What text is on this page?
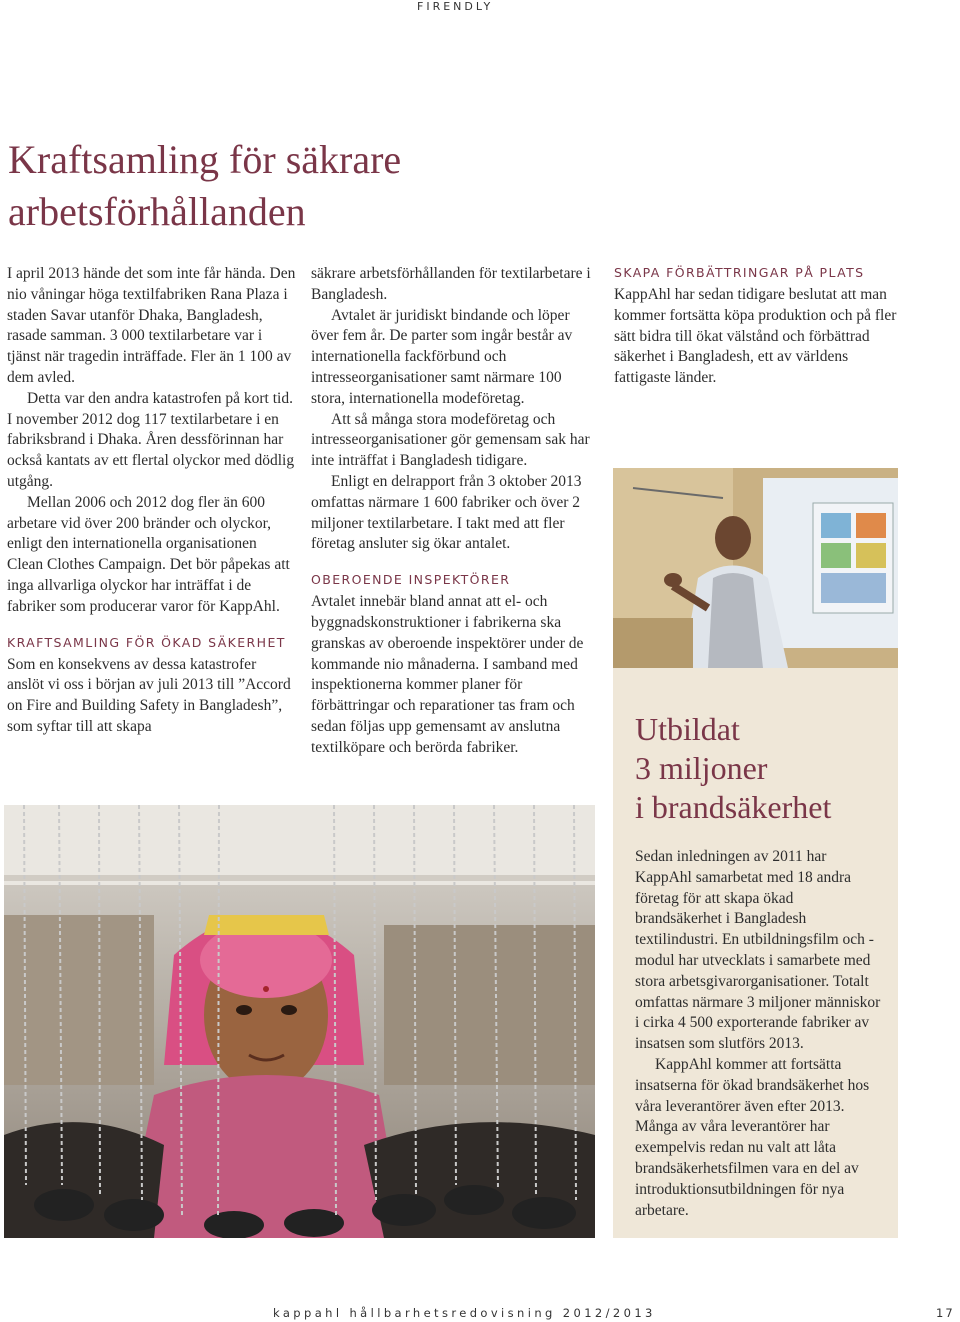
FIRENDLY
Kraftsamling för säkrare
arbetsförhållanden

I april 2013 hände det som inte får hända. Den nio våningar höga textilfabriken Rana Plaza i staden Savar utanför Dhaka, Bangladesh, rasade samman. 3 000 textilarbetare var i tjänst när tragedin inträffade. Fler än 1 100 av dem avled.

Detta var den andra katastrofen på kort tid. I november 2012 dog 117 textilarbetare i en fabriksbrand i Dhaka. Åren dessförinnan har också kantats av ett flertal olyckor med dödlig utgång.

Mellan 2006 och 2012 dog fler än 600 arbetare vid över 200 bränder och olyckor, enligt den internationella organisationen Clean Clothes Campaign. Det bör påpekas att inga allvarliga olyckor har inträffat i de fabriker som producerar varor för KappAhl.

KRAFTSAMLING FÖR ÖKAD SÄKERHET

Som en konsekvens av dessa katastrofer anslöt vi oss i början av juli 2013 till ”Accord on Fire and Building Safety in Bangladesh”, som syftar till att skapa

säkrare arbetsförhållanden för textilarbetare i Bangladesh.

Avtalet är juridiskt bindande och löper över fem år. De parter som ingår består av internationella fackförbund och intresseorganisationer samt närmare 100 stora, internationella modeföretag.

Att så många stora modeföretag och intresseorganisationer gör gemensam sak har inte inträffat i Bangladesh tidigare.

Enligt en delrapport från 3 oktober 2013 omfattas närmare 1 600 fabriker och över 2 miljoner textilarbetare. I takt med att fler företag ansluter sig ökar antalet.

OBEROENDE INSPEKTÖRER

Avtalet innebär bland annat att el- och byggnadskonstruktioner i fabrikerna ska granskas av oberoende inspektörer under de kommande nio månaderna. I samband med inspektionerna kommer planer för förbättringar och reparationer tas fram och sedan följas upp gemensamt av anslutna textilköpare och berörda fabriker.

SKAPA FÖRBÄTTRINGAR PÅ PLATS

KappAhl har sedan tidigare beslutat att man kommer fortsätta köpa produktion och på fler sätt bidra till ökat välstånd och förbättrad säkerhet i Bangladesh, ett av världens fattigaste länder.

Utbildat
3 miljoner
i brandsäkerhet

Sedan inledningen av 2011 har KappAhl samarbetat med 18 andra företag för att skapa ökad brandsäkerhet i Bangladesh textilindustri. En utbildningsfilm och -modul har utvecklats i samarbete med stora arbetsgivarorganisationer. Totalt omfattas närmare 3 miljoner människor i cirka 4 500 exporterande fabriker av insatsen som slutförs 2013.

KappAhl kommer att fortsätta insatserna för ökad brandsäkerhet hos våra leverantörer även efter 2013. Många av våra leverantörer har exempelvis redan nu valt att låta brandsäkerhetsfilmen vara en del av introduktionsutbildningen för nya arbetare.

kappahl hållbarhetsredovisning 2012/2013	17
